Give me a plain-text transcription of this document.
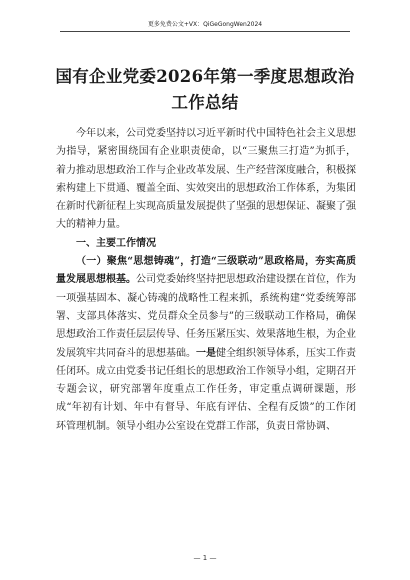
更多免费公文+VX：QiGeGongWen2024
国有企业党委2026年第一季度思想政治
工作总结

今年以来，公司党委坚持以习近平新时代中国特色社会主义思想为指导，紧密围绕国有企业职责使命，以“三聚焦三打造”为抓手，着力推动思想政治工作与企业改革发展、生产经营深度融合，积极探索构建上下贯通、覆盖全面、实效突出的思想政治工作体系，为集团在新时代新征程上实现高质量发展提供了坚强的思想保证、凝聚了强大的精神力量。

一、主要工作情况

（一）聚焦“思想铸魂”，打造“三级联动”思政格局，夯实高质量发展思想根基。公司党委始终坚持把思想政治建设摆在首位，作为一项强基固本、凝心铸魂的战略性工程来抓，系统构建“党委统筹部署、支部具体落实、党员群众全员参与”的三级联动工作格局，确保思想政治工作责任层层传导、任务压紧压实、效果落地生根，为企业发展筑牢共同奋斗的思想基础。一是健全组织领导体系，压实工作责任闭环。成立由党委书记任组长的思想政治工作领导小组，定期召开专题会议，研究部署年度重点工作任务，审定重点调研课题，形成“年初有计划、年中有督导、年底有评估、全程有反馈”的工作闭环管理机制。领导小组办公室设在党群工作部，负责日常协调、

— 1 —
